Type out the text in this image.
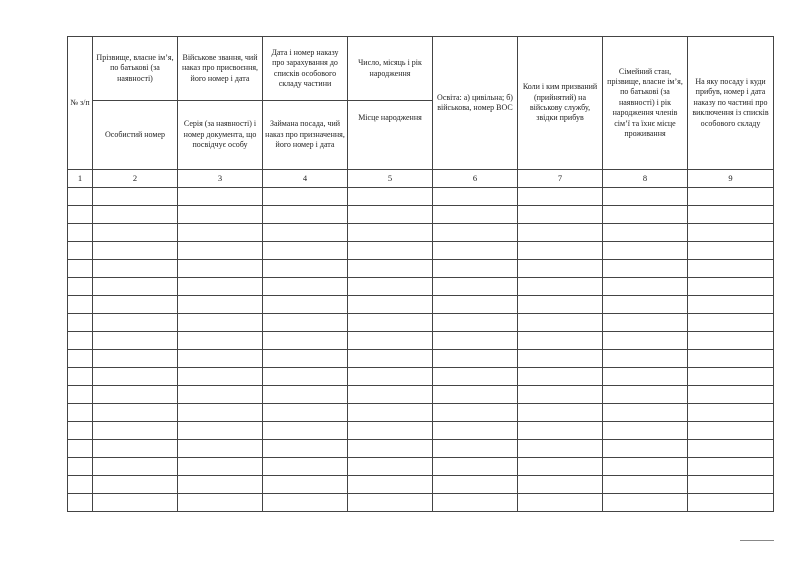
№ з/п	Прізвище, власне ім’я, по батькові (за наявності)	Військове звання, чий наказ про присвоєння, його номер і дата	Дата і номер наказу про зарахування до списків особового складу частини	Число, місяць і рік народження	Освіта: а) цивільна; б) військова, номер ВОС	Коли і ким призваний (прийнятий) на військову службу, звідки прибув	Сімейний стан, прізвище, власне ім’я, по батькові (за наявності) і рік народження членів сім’ї та їхнє місце проживання	На яку посаду і куди прибув, номер і дата наказу по частині про виключення із списків особового складу
	Особистий номер	Серія (за наявності) і номер документа, що посвідчує особу	Займана посада, чий наказ про призначення, його номер і дата	Місце народження				
1	2	3	4	5	6	7	8	9
